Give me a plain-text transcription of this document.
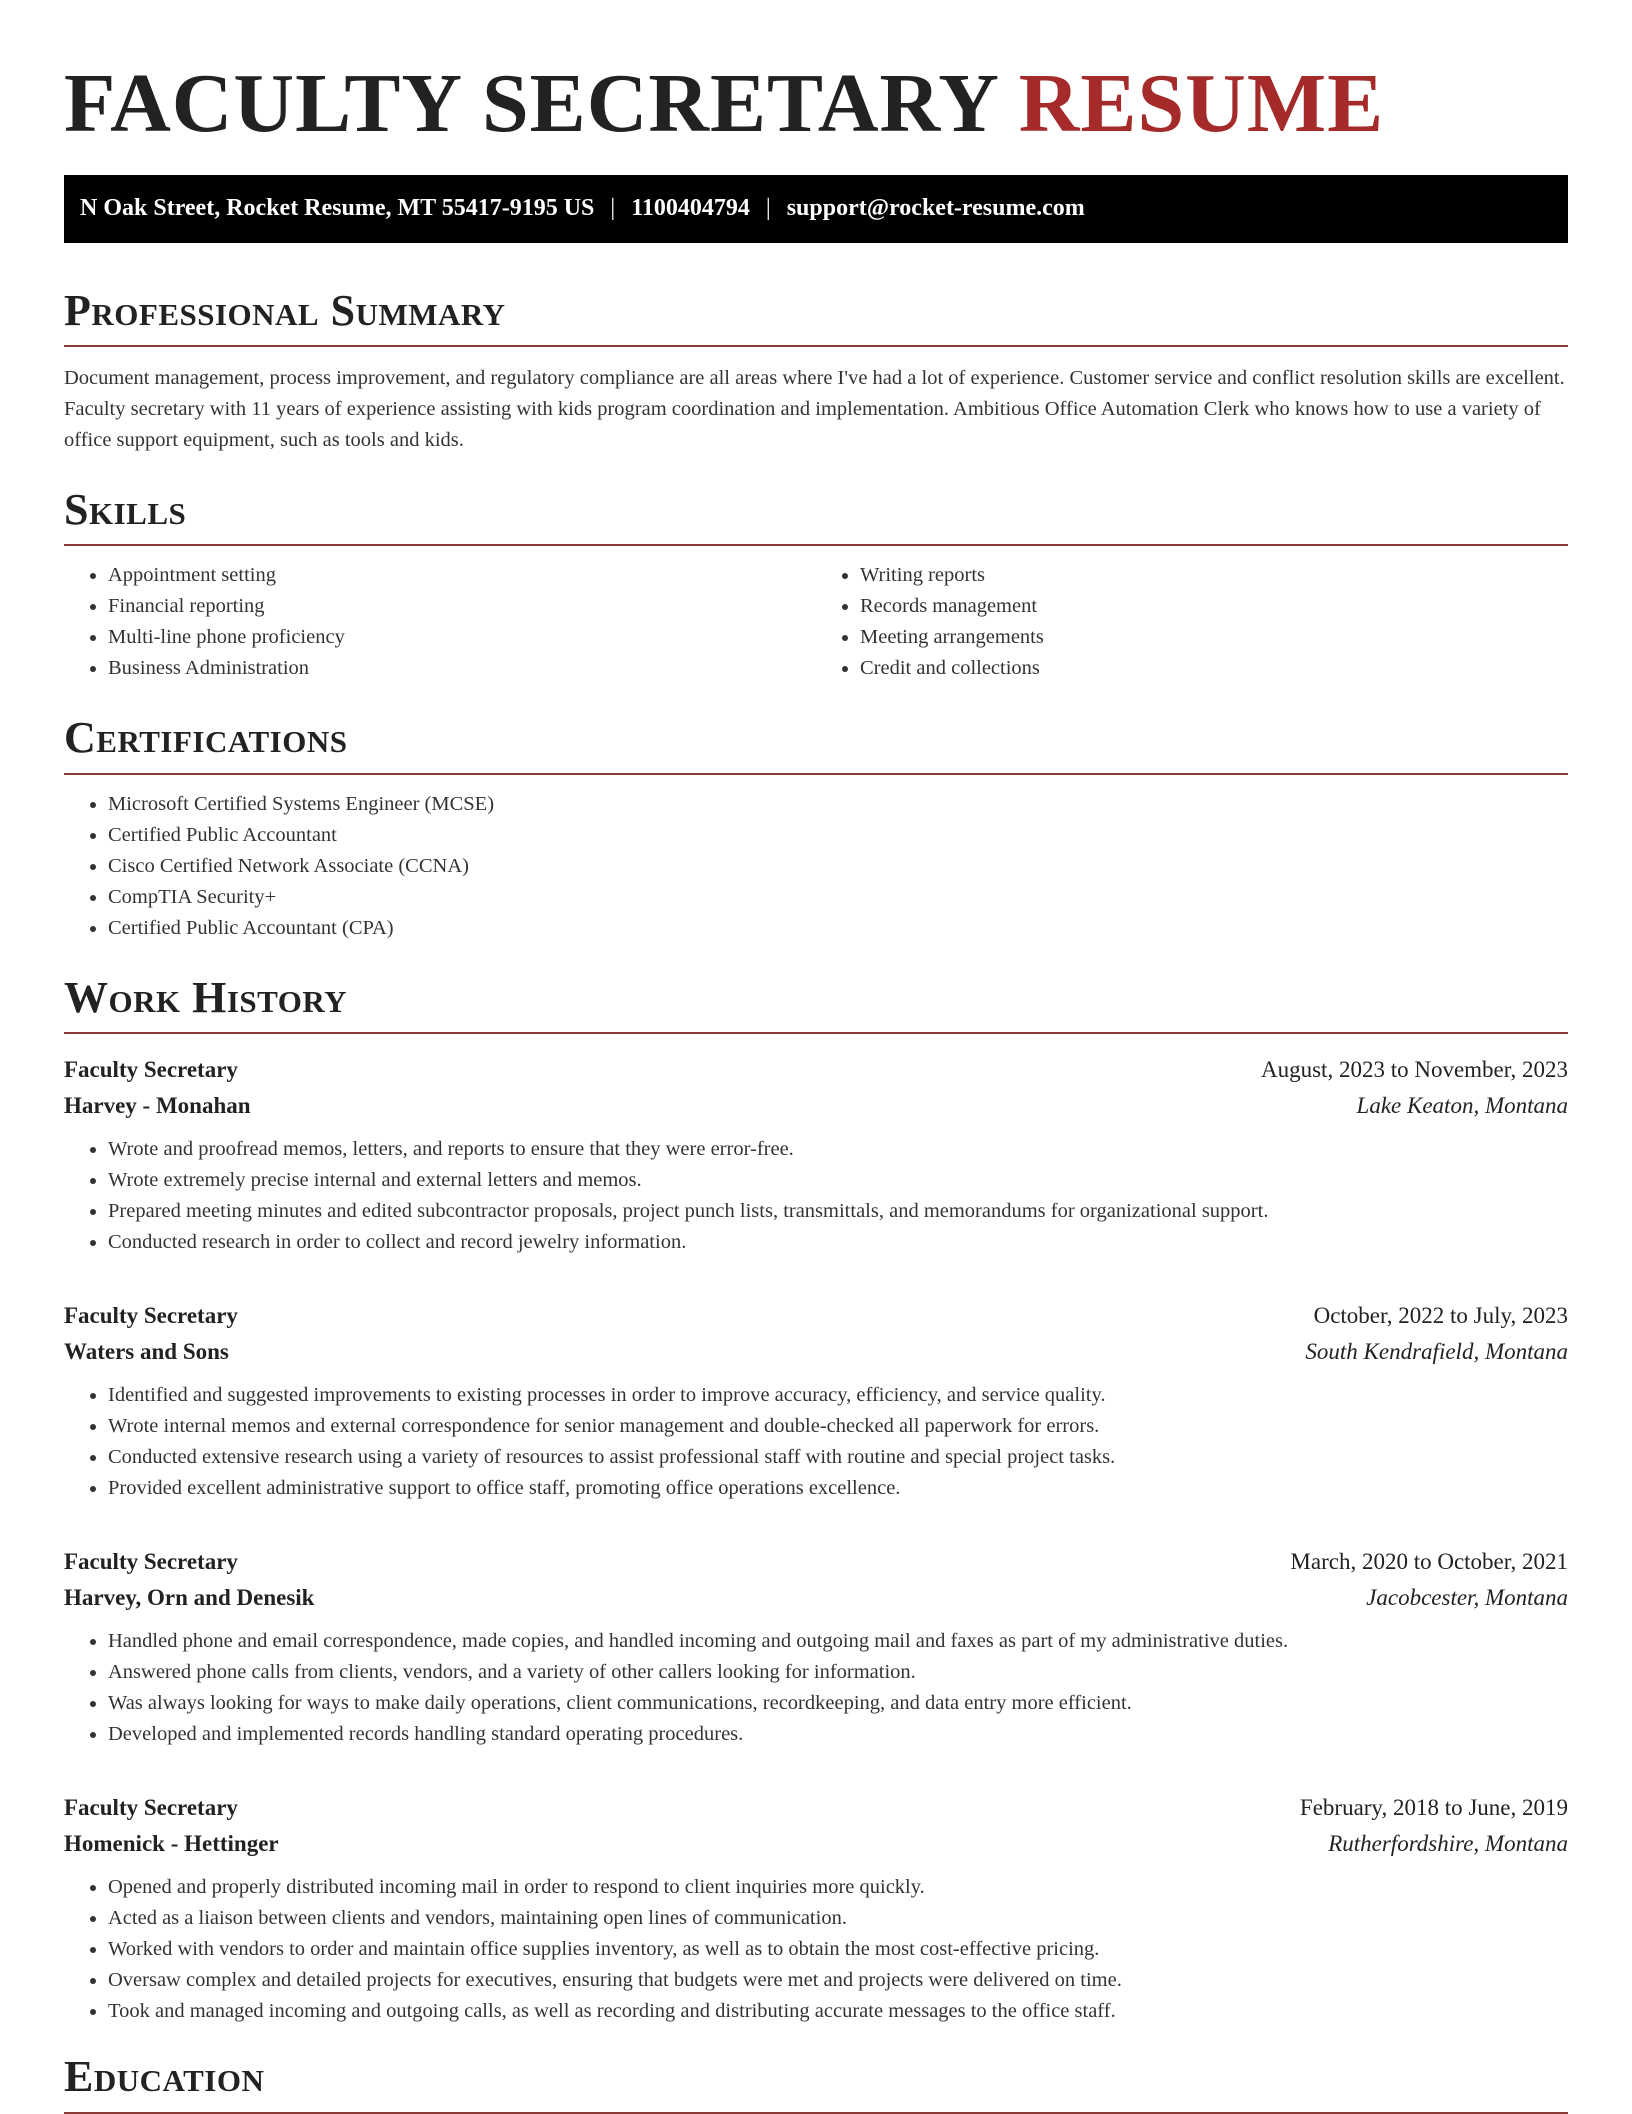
FACULTY SECRETARY RESUME
N Oak Street, Rocket Resume, MT 55417-9195 US | 1100404794 | support@rocket-resume.com
Professional Summary

Document management, process improvement, and regulatory compliance are all areas where I've had a lot of experience. Customer service and conflict resolution skills are excellent. Faculty secretary with 11 years of experience assisting with kids program coordination and implementation. Ambitious Office Automation Clerk who knows how to use a variety of office support equipment, such as tools and kids.

Skills
• Appointment setting
• Financial reporting
• Multi-line phone proficiency
• Business Administration
• Writing reports
• Records management
• Meeting arrangements
• Credit and collections
Certifications
• Microsoft Certified Systems Engineer (MCSE)
• Certified Public Accountant
• Cisco Certified Network Associate (CCNA)
• CompTIA Security+
• Certified Public Accountant (CPA)
Work History
Faculty Secretary	August, 2023 to November, 2023
Harvey - Monahan	Lake Keaton, Montana
• Wrote and proofread memos, letters, and reports to ensure that they were error-free.
• Wrote extremely precise internal and external letters and memos.
• Prepared meeting minutes and edited subcontractor proposals, project punch lists, transmittals, and memorandums for organizational support.
• Conducted research in order to collect and record jewelry information.
Faculty Secretary	October, 2022 to July, 2023
Waters and Sons	South Kendrafield, Montana
• Identified and suggested improvements to existing processes in order to improve accuracy, efficiency, and service quality.
• Wrote internal memos and external correspondence for senior management and double-checked all paperwork for errors.
• Conducted extensive research using a variety of resources to assist professional staff with routine and special project tasks.
• Provided excellent administrative support to office staff, promoting office operations excellence.
Faculty Secretary	March, 2020 to October, 2021
Harvey, Orn and Denesik	Jacobcester, Montana
• Handled phone and email correspondence, made copies, and handled incoming and outgoing mail and faxes as part of my administrative duties.
• Answered phone calls from clients, vendors, and a variety of other callers looking for information.
• Was always looking for ways to make daily operations, client communications, recordkeeping, and data entry more efficient.
• Developed and implemented records handling standard operating procedures.
Faculty Secretary	February, 2018 to June, 2019
Homenick - Hettinger	Rutherfordshire, Montana
• Opened and properly distributed incoming mail in order to respond to client inquiries more quickly.
• Acted as a liaison between clients and vendors, maintaining open lines of communication.
• Worked with vendors to order and maintain office supplies inventory, as well as to obtain the most cost-effective pricing.
• Oversaw complex and detailed projects for executives, ensuring that budgets were met and projects were delivered on time.
• Took and managed incoming and outgoing calls, as well as recording and distributing accurate messages to the office staff.
Education
